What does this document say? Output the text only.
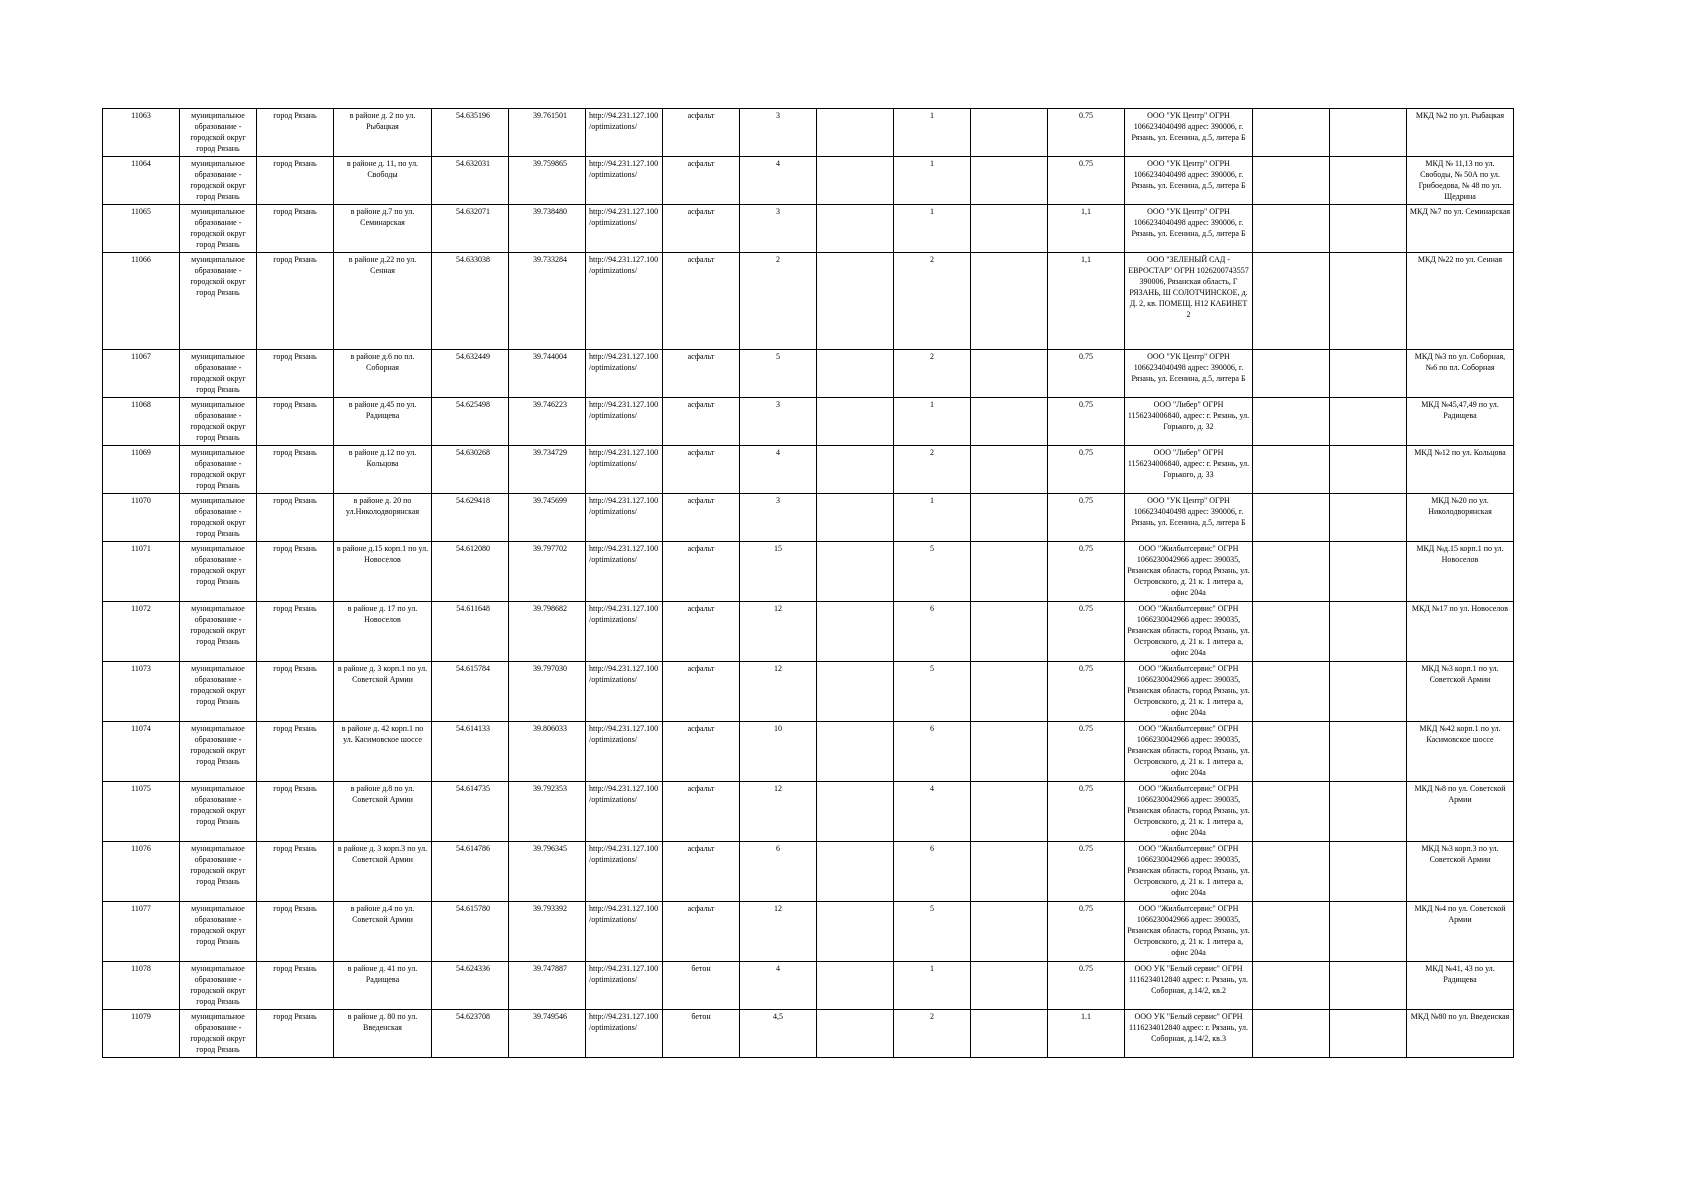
11063	муниципальное образование - городской округ город Рязань	город Рязань	в районе д. 2 по ул. Рыбацкая	54.635196	39.761501	http://94.231.127.100/optimizations/	асфальт	3		1		0.75	ООО "УК Центр" ОГРН 1066234040498 адрес: 390006, г. Рязань, ул. Есенина, д.5, литера Б			МКД №2 по ул. Рыбацкая
11064	муниципальное образование - городской округ город Рязань	город Рязань	в районе д. 11, по ул. Свободы	54.632031	39.759865	http://94.231.127.100/optimizations/	асфальт	4		1		0.75	ООО "УК Центр" ОГРН 1066234040498 адрес: 390006, г. Рязань, ул. Есенина, д.5, литера Б			МКД № 11,13 по ул. Свободы, № 50А по ул. Грибоедова, № 48 по ул. Щедрина
11065	муниципальное образование - городской округ город Рязань	город Рязань	в районе д.7 по ул. Семинарская	54.632071	39.738480	http://94.231.127.100/optimizations/	асфальт	3		1		1,1	ООО "УК Центр" ОГРН 1066234040498 адрес: 390006, г. Рязань, ул. Есенина, д.5, литера Б			МКД №7 по ул. Семинарская
11066	муниципальное образование - городской округ город Рязань	город Рязань	в районе д.22 по ул. Сенная	54.633038	39.733284	http://94.231.127.100/optimizations/	асфальт	2		2		1,1	ООО "ЗЕЛЕНЫЙ САД - ЕВРОСТАР" ОГРН 1026200743557 390006, Рязанская область, Г РЯЗАНЬ, Ш СОЛОТЧИНСКОЕ, д. Д. 2, кв. ПОМЕЩ. Н12 КАБИНЕТ 2			МКД №22 по ул. Сенная
11067	муниципальное образование - городской округ город Рязань	город Рязань	в районе д.6 по пл. Соборная	54.632449	39.744004	http://94.231.127.100/optimizations/	асфальт	5		2		0.75	ООО "УК Центр" ОГРН 1066234040498 адрес: 390006, г. Рязань, ул. Есенина, д.5, литера Б			МКД №3 по ул. Соборная, №6 по пл. Соборная
11068	муниципальное образование - городской округ город Рязань	город Рязань	в районе д.45 по ул. Радищева	54.625498	39.746223	http://94.231.127.100/optimizations/	асфальт	3		1		0.75	ООО "Либер" ОГРН 1156234006840, адрес: г. Рязань, ул. Горького, д. 32			МКД №45,47,49 по ул. Радищева
11069	муниципальное образование - городской округ город Рязань	город Рязань	в районе д.12 по ул. Кольцова	54.630268	39.734729	http://94.231.127.100/optimizations/	асфальт	4		2		0.75	ООО "Либер" ОГРН 1156234006840, адрес: г. Рязань, ул. Горького, д. 33			МКД №12 по ул. Кольцова
11070	муниципальное образование - городской округ город Рязань	город Рязань	в районе д. 20 по ул.Николодворянская	54.629418	39.745699	http://94.231.127.100/optimizations/	асфальт	3		1		0.75	ООО "УК Центр" ОГРН 1066234040498 адрес: 390006, г. Рязань, ул. Есенина, д.5, литера Б			МКД №20 по ул. Николодворянская
11071	муниципальное образование - городской округ город Рязань	город Рязань	в районе д.15 корп.1 по ул. Новоселов	54.612080	39.797702	http://94.231.127.100/optimizations/	асфальт	15		5		0.75	ООО "Жилбытсервис" ОГРН 1066230042966 адрес: 390035, Рязанская область, город Рязань, ул. Островского, д. 21 к. 1 литера а, офис 204а			МКД №д.15 корп.1 по ул. Новоселов
11072	муниципальное образование - городской округ город Рязань	город Рязань	в районе д. 17 по ул. Новоселов	54.611648	39.798682	http://94.231.127.100/optimizations/	асфальт	12		6		0.75	ООО "Жилбытсервис" ОГРН 1066230042966 адрес: 390035, Рязанская область, город Рязань, ул. Островского, д. 21 к. 1 литера а, офис 204а			МКД №17 по ул. Новоселов
11073	муниципальное образование - городской округ город Рязань	город Рязань	в районе д. 3 корп.1 по ул. Советской Армии	54.615784	39.797030	http://94.231.127.100/optimizations/	асфальт	12		5		0.75	ООО "Жилбытсервис" ОГРН 1066230042966 адрес: 390035, Рязанская область, город Рязань, ул. Островского, д. 21 к. 1 литера а, офис 204а			МКД №3 корп.1 по ул. Советской Армии
11074	муниципальное образование - городской округ город Рязань	город Рязань	в районе д. 42 корп.1 по ул. Касимовское шоссе	54.614133	39.806033	http://94.231.127.100/optimizations/	асфальт	10		6		0.75	ООО "Жилбытсервис" ОГРН 1066230042966 адрес: 390035, Рязанская область, город Рязань, ул. Островского, д. 21 к. 1 литера а, офис 204а			МКД №42 корп.1 по ул. Касимовское шоссе
11075	муниципальное образование - городской округ город Рязань	город Рязань	в районе д.8 по ул. Советской Армии	54.614735	39.792353	http://94.231.127.100/optimizations/	асфальт	12		4		0.75	ООО "Жилбытсервис" ОГРН 1066230042966 адрес: 390035, Рязанская область, город Рязань, ул. Островского, д. 21 к. 1 литера а, офис 204а			МКД №8 по ул. Советской Армии
11076	муниципальное образование - городской округ город Рязань	город Рязань	в районе д. 3 корп.3 по ул. Советской Армии	54.614786	39.796345	http://94.231.127.100/optimizations/	асфальт	6		6		0.75	ООО "Жилбытсервис" ОГРН 1066230042966 адрес: 390035, Рязанская область, город Рязань, ул. Островского, д. 21 к. 1 литера а, офис 204а			МКД №3 корп.3 по ул. Советской Армии
11077	муниципальное образование - городской округ город Рязань	город Рязань	в районе д.4 по ул. Советской Армии	54.615780	39.793392	http://94.231.127.100/optimizations/	асфальт	12		5		0.75	ООО "Жилбытсервис" ОГРН 1066230042966 адрес: 390035, Рязанская область, город Рязань, ул. Островского, д. 21 к. 1 литера а, офис 204а			МКД №4 по ул. Советской Армии
11078	муниципальное образование - городской округ город Рязань	город Рязань	в районе д. 41 по ул. Радищева	54.624336	39.747887	http://94.231.127.100/optimizations/	бетон	4		1		0.75	ООО УК "Белый сервис" ОГРН 1116234012840 адрес: г. Рязань, ул. Соборная, д.14/2, кв.2			МКД №41, 43 по ул. Радищева
11079	муниципальное образование - городской округ город Рязань	город Рязань	в районе д. 80 по ул. Введенская	54.623708	39.749546	http://94.231.127.100/optimizations/	бетон	4,5		2		1.1	ООО УК "Белый сервис" ОГРН 1116234012840 адрес: г. Рязань, ул. Соборная, д.14/2, кв.3			МКД №80 по ул. Введенская
